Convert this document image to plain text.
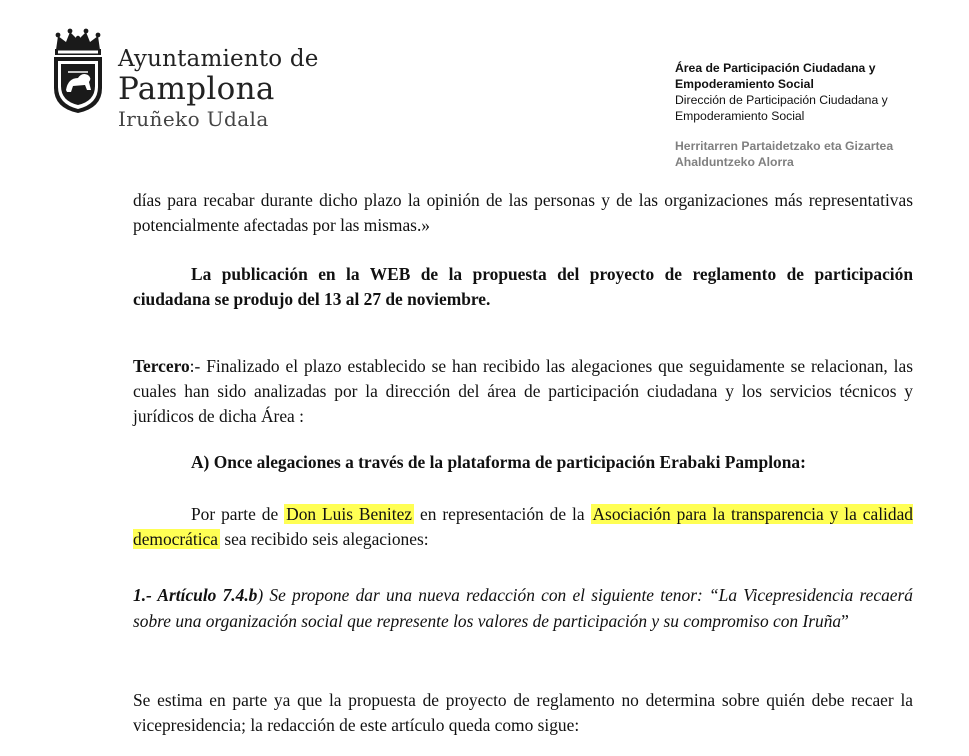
Ayuntamiento de
Pamplona
Iruñeko Udala
Área de Participación Ciudadana y
Empoderamiento Social
Dirección de Participación Ciudadana y
Empoderamiento Social
Herritarren Partaidetzako eta Gizartea
Ahalduntzeko Alorra
días para recabar durante dicho plazo la opinión de las personas y de las organizaciones más representativas potencialmente afectadas por las mismas.»
La publicación en la WEB de la propuesta del proyecto de reglamento de participación ciudadana se produjo del 13 al 27 de noviembre.
Tercero:- Finalizado el plazo establecido se han recibido las alegaciones que seguidamente se relacionan, las cuales han sido analizadas por la dirección del área de participación ciudadana y los servicios técnicos y jurídicos de dicha Área :
A) Once alegaciones a través de la plataforma de participación Erabaki Pamplona:
Por parte de Don Luis Benitez en representación de la Asociación para la transparencia y la calidad democrática sea recibido seis alegaciones:
1.- Artículo 7.4.b) Se propone dar una nueva redacción con el siguiente tenor: “La Vicepresidencia recaerá sobre una organización social que represente los valores de participación y su compromiso con Iruña”
Se estima en parte ya que la propuesta de proyecto de reglamento no determina sobre quién debe recaer la vicepresidencia; la redacción de este artículo queda como sigue:
